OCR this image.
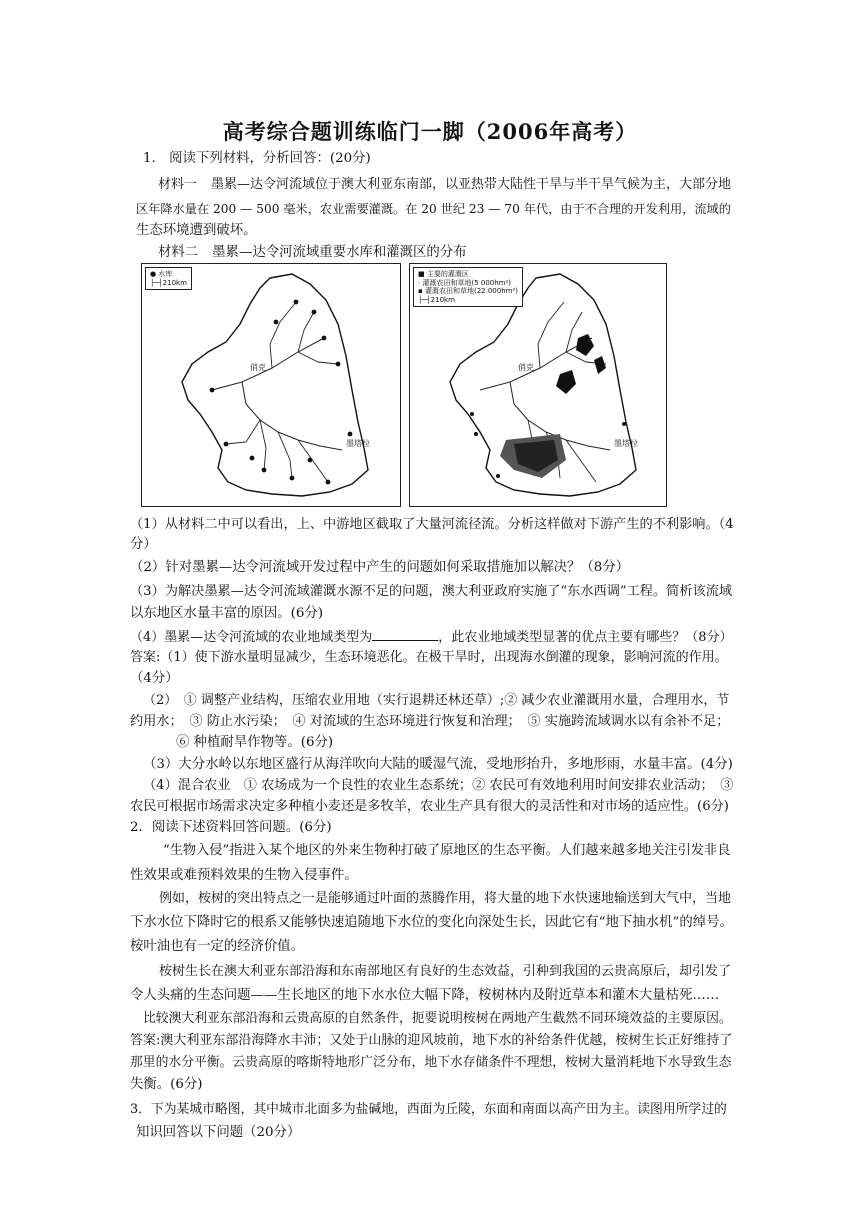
高考综合题训练临门一脚（2006年高考）
1.　阅读下列材料，分析回答：(20分)
材料一 墨累—达令河流域位于澳大利亚东南部，以亚热带大陆性干旱与半干旱气候为主，大部分地
区年降水量在 200 — 500 毫米，农业需要灌溉。在 20 世纪 23 — 70 年代，由于不合理的开发利用，流域的
生态环境遭到破坏。
材料二 墨累—达令河流域重要水库和灌溉区的分布
● 水库
├─┤210km
俏克
墨塔拉
■ 主要的灌溉区
· 灌溉农田和草地(5 000hm²)
▪ 灌溉农田和草地(22 000hm²)
├─┤210km
俏克
墨塔拉
（1）从材料二中可以看出，上、中游地区截取了大量河流径流。分析这样做对下游产生的不利影响。（4
分）
（2）针对墨累—达令河流域开发过程中产生的问题如何采取措施加以解决？（8分）
（3）为解决墨累—达令河流域灌溉水源不足的问题，澳大利亚政府实施了“东水西调”工程。简析该流域
以东地区水量丰富的原因。(6分)
（4）墨累—达令河流域的农业地域类型为	，此农业地域类型显著的优点主要有哪些？（8分）
答案:（1）使下游水量明显减少，生态环境恶化。在极干旱时，出现海水倒灌的现象，影响河流的作用。
（4分）
（2）　① 调整产业结构，压缩农业用地（实行退耕还林还草）;② 减少农业灌溉用水量，合理用水，节
约用水；　③ 防止水污染；　④ 对流域的生态环境进行恢复和治理；　⑤ 实施跨流域调水以有余补不足；
⑥ 种植耐旱作物等。(6分)
（3）大分水岭以东地区盛行从海洋吹向大陆的暖湿气流，受地形抬升，多地形雨，水量丰富。(4分)
（4）混合农业　① 农场成为一个良性的农业生态系统；② 农民可有效地利用时间安排农业活动；　③
农民可根据市场需求决定多种植小麦还是多牧羊，农业生产具有很大的灵活性和对市场的适应性。(6分)
2．阅读下述资料回答问题。(6分)
“生物入侵”指进入某个地区的外来生物种打破了原地区的生态平衡。人们越来越多地关注引发非良
性效果或难预料效果的生物入侵事件。
例如，桉树的突出特点之一是能够通过叶面的蒸腾作用，将大量的地下水快速地输送到大气中，当地
下水水位下降时它的根系又能够快速追随地下水位的变化向深处生长，因此它有“地下抽水机”的绰号。
桉叶油也有一定的经济价值。
桉树生长在澳大利亚东部沿海和东南部地区有良好的生态效益，引种到我国的云贵高原后，却引发了
令人头痛的生态问题——生长地区的地下水水位大幅下降，桉树林内及附近草本和灌木大量枯死……
比较澳大利亚东部沿海和云贵高原的自然条件，扼要说明桉树在两地产生截然不同环境效益的主要原因。
答案:澳大利亚东部沿海降水丰沛；又处于山脉的迎风坡前，地下水的补给条件优越，桉树生长正好维持了
那里的水分平衡。云贵高原的喀斯特地形广泛分布，地下水存储条件不理想，桉树大量消耗地下水导致生态
失衡。(6分)
3．下为某城市略图，其中城市北面多为盐碱地，西面为丘陵，东面和南面以高产田为主。读图用所学过的
知识回答以下问题（20分）
